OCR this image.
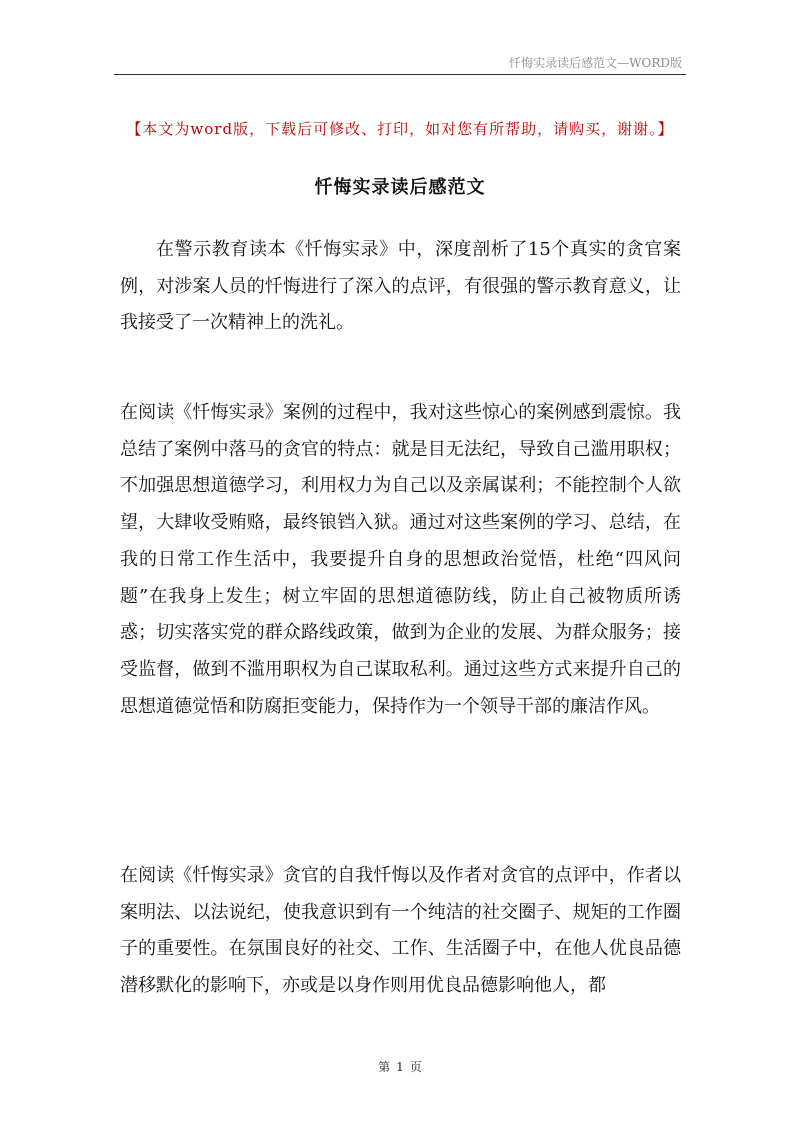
忏悔实录读后感范文—WORD版
【本文为word版，下载后可修改、打印，如对您有所帮助，请购买，谢谢。】
忏悔实录读后感范文

在警示教育读本《忏悔实录》中，深度剖析了15个真实的贪官案例，对涉案人员的忏悔进行了深入的点评，有很强的警示教育意义，让我接受了一次精神上的洗礼。

在阅读《忏悔实录》案例的过程中，我对这些惊心的案例感到震惊。我总结了案例中落马的贪官的特点：就是目无法纪，导致自己滥用职权；不加强思想道德学习，利用权力为自己以及亲属谋利；不能控制个人欲望，大肆收受贿赂，最终锒铛入狱。通过对这些案例的学习、总结，在我的日常工作生活中，我要提升自身的思想政治觉悟，杜绝“四风问题”在我身上发生；树立牢固的思想道德防线，防止自己被物质所诱惑；切实落实党的群众路线政策，做到为企业的发展、为群众服务；接受监督，做到不滥用职权为自己谋取私利。通过这些方式来提升自己的思想道德觉悟和防腐拒变能力，保持作为一个领导干部的廉洁作风。

在阅读《忏悔实录》贪官的自我忏悔以及作者对贪官的点评中，作者以案明法、以法说纪，使我意识到有一个纯洁的社交圈子、规矩的工作圈子的重要性。在氛围良好的社交、工作、生活圈子中，在他人优良品德潜移默化的影响下，亦或是以身作则用优良品德影响他人，都

第 1 页
